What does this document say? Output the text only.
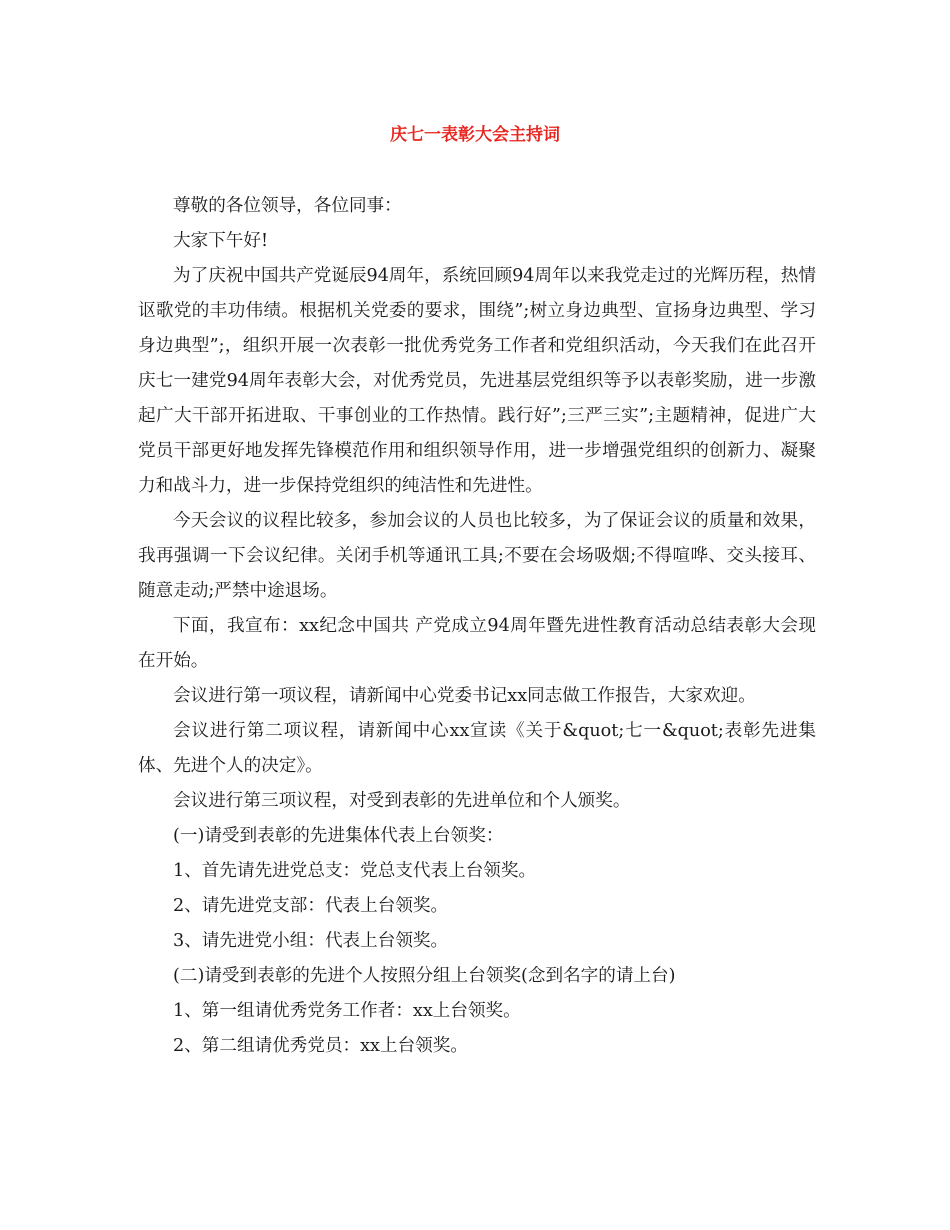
庆七一表彰大会主持词

尊敬的各位领导，各位同事：

大家下午好!

为了庆祝中国共产党诞辰94周年，系统回顾94周年以来我党走过的光辉历程，热情讴歌党的丰功伟绩。根据机关党委的要求，围绕”;树立身边典型、宣扬身边典型、学习身边典型”;，组织开展一次表彰一批优秀党务工作者和党组织活动，今天我们在此召开庆七一建党94周年表彰大会，对优秀党员，先进基层党组织等予以表彰奖励，进一步激起广大干部开拓进取、干事创业的工作热情。践行好”;三严三实”;主题精神，促进广大党员干部更好地发挥先锋模范作用和组织领导作用，进一步增强党组织的创新力、凝聚力和战斗力，进一步保持党组织的纯洁性和先进性。

今天会议的议程比较多，参加会议的人员也比较多，为了保证会议的质量和效果，我再强调一下会议纪律。关闭手机等通讯工具;不要在会场吸烟;不得喧哗、交头接耳、随意走动;严禁中途退场。

下面，我宣布：xx纪念中国共 产党成立94周年暨先进性教育活动总结表彰大会现在开始。

会议进行第一项议程，请新闻中心党委书记xx同志做工作报告，大家欢迎。

会议进行第二项议程，请新闻中心xx宣读《关于&quot;七一&quot;表彰先进集体、先进个人的决定》。

会议进行第三项议程，对受到表彰的先进单位和个人颁奖。

(一)请受到表彰的先进集体代表上台领奖：

1、首先请先进党总支：党总支代表上台领奖。

2、请先进党支部：代表上台领奖。

3、请先进党小组：代表上台领奖。

(二)请受到表彰的先进个人按照分组上台领奖(念到名字的请上台)

1、第一组请优秀党务工作者：xx上台领奖。

2、第二组请优秀党员：xx上台领奖。
